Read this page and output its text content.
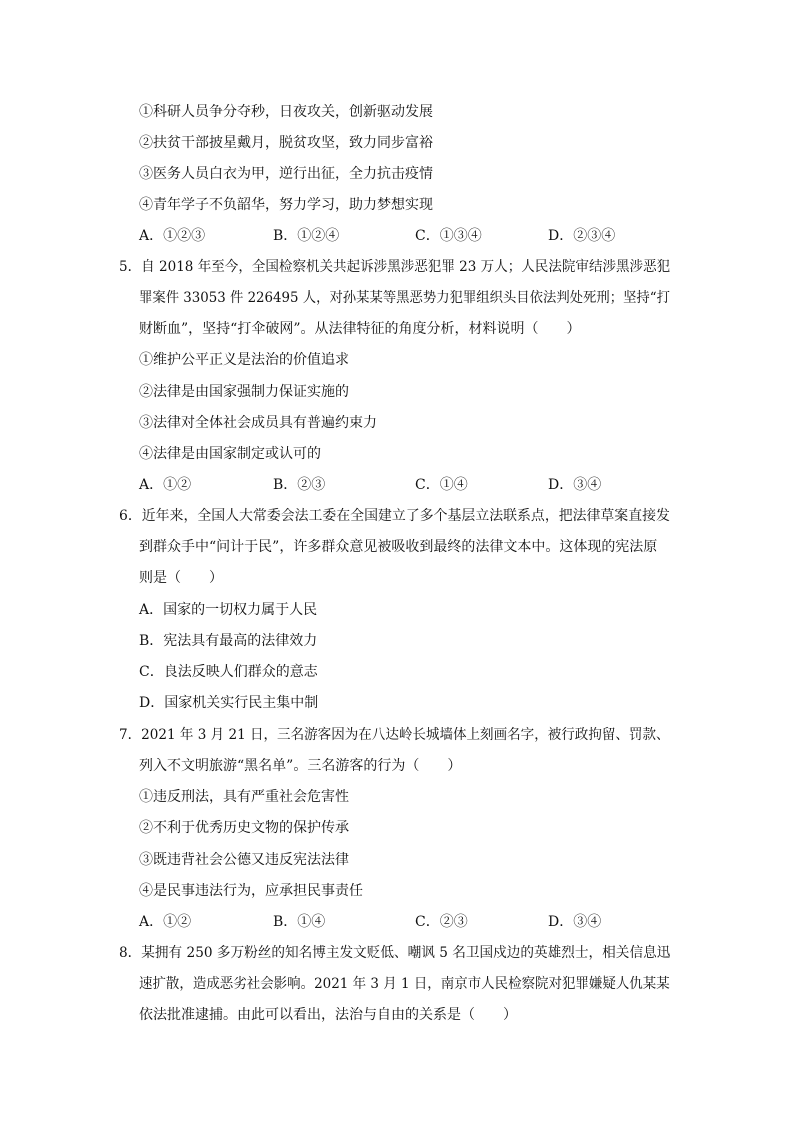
①科研人员争分夺秒，日夜攻关，创新驱动发展
②扶贫干部披星戴月，脱贫攻坚，致力同步富裕
③医务人员白衣为甲，逆行出征，全力抗击疫情
④青年学子不负韶华，努力学习，助力梦想实现
A．①②③	B．①②④	C．①③④	D．②③④
5．自 2018 年至今，全国检察机关共起诉涉黑涉恶犯罪 23 万人；人民法院审结涉黑涉恶犯
罪案件 33053 件 226495 人，对孙某某等黑恶势力犯罪组织头目依法判处死刑；坚持“打
财断血”，坚持“打伞破网”。从法律特征的角度分析，材料说明（　　）
①维护公平正义是法治的价值追求
②法律是由国家强制力保证实施的
③法律对全体社会成员具有普遍约束力
④法律是由国家制定或认可的
A．①②	B．②③	C．①④	D．③④
6．近年来，全国人大常委会法工委在全国建立了多个基层立法联系点，把法律草案直接发
到群众手中“问计于民”，许多群众意见被吸收到最终的法律文本中。这体现的宪法原
则是（　　）
A．国家的一切权力属于人民
B．宪法具有最高的法律效力
C．良法反映人们群众的意志
D．国家机关实行民主集中制
7．2021 年 3 月 21 日，三名游客因为在八达岭长城墙体上刻画名字，被行政拘留、罚款、
列入不文明旅游“黑名单”。三名游客的行为（　　）
①违反刑法，具有严重社会危害性
②不利于优秀历史文物的保护传承
③既违背社会公德又违反宪法法律
④是民事违法行为，应承担民事责任
A．①②	B．①④	C．②③	D．③④
8．某拥有 250 多万粉丝的知名博主发文贬低、嘲讽 5 名卫国戍边的英雄烈士，相关信息迅
速扩散，造成恶劣社会影响。2021 年 3 月 1 日，南京市人民检察院对犯罪嫌疑人仇某某
依法批准逮捕。由此可以看出，法治与自由的关系是（　　）
